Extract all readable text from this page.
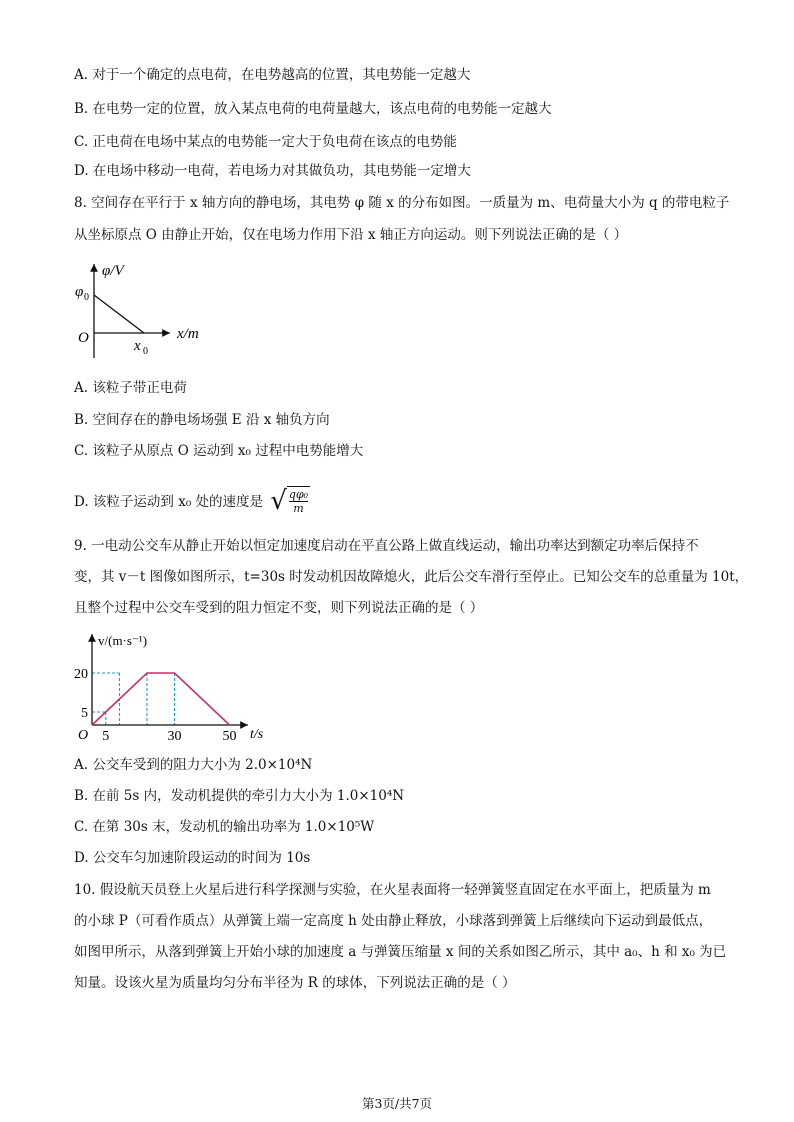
A. 对于一个确定的点电荷，在电势越高的位置，其电势能一定越大
B. 在电势一定的位置，放入某点电荷的电荷量越大，该点电荷的电势能一定越大
C. 正电荷在电场中某点的电势能一定大于负电荷在该点的电势能
D. 在电场中移动一电荷，若电场力对其做负功，其电势能一定增大
8. 空间存在平行于 x 轴方向的静电场，其电势 φ 随 x 的分布如图。一质量为 m、电荷量大小为 q 的带电粒子
从坐标原点 O 由静止开始，仅在电场力作用下沿 x 轴正方向运动。则下列说法正确的是（ ）
φ/V
x/m
O
φ 0
x 0
A. 该粒子带正电荷
B. 空间存在的静电场场强 E 沿 x 轴负方向
C. 该粒子从原点 O 运动到 x₀ 过程中电势能增大
D. 该粒子运动到 x₀ 处的速度是 √ $\frac{\text{qφ₀}}{m}$
9. 一电动公交车从静止开始以恒定加速度启动在平直公路上做直线运动，输出功率达到额定功率后保持不
变，其 v－t 图像如图所示，t=30s 时发动机因故障熄火，此后公交车滑行至停止。已知公交车的总重量为 10t，
且整个过程中公交车受到的阻力恒定不变，则下列说法正确的是（ ）
5	30	50
5
20
v/(m·s⁻¹)
t/s
O
A. 公交车受到的阻力大小为 2.0×10⁴N
B. 在前 5s 内，发动机提供的牵引力大小为 1.0×10⁴N
C. 在第 30s 末，发动机的输出功率为 1.0×10⁵W
D. 公交车匀加速阶段运动的时间为 10s
10. 假设航天员登上火星后进行科学探测与实验，在火星表面将一轻弹簧竖直固定在水平面上，把质量为 m
的小球 P（可看作质点）从弹簧上端一定高度 h 处由静止释放，小球落到弹簧上后继续向下运动到最低点，
如图甲所示，从落到弹簧上开始小球的加速度 a 与弹簧压缩量 x 间的关系如图乙所示，其中 a₀、h 和 x₀ 为已
知量。设该火星为质量均匀分布半径为 R 的球体，下列说法正确的是（ ）
第3页/共7页
